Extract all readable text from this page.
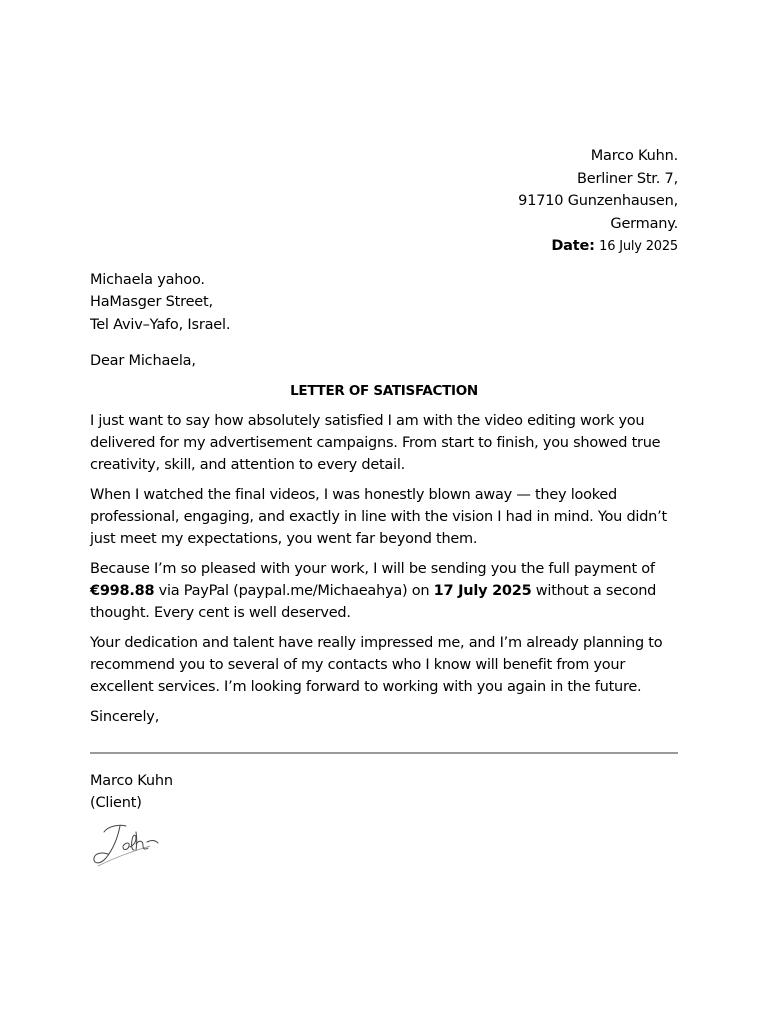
Marco Kuhn.
Berliner Str. 7,
91710 Gunzenhausen,
Germany.
Date: 16 July 2025
Michaela yahoo.
HaMasger Street,
Tel Aviv–Yafo, Israel.
Dear Michaela,
LETTER OF SATISFACTION
I just want to say how absolutely satisfied I am with the video editing work you delivered for my advertisement campaigns. From start to finish, you showed true creativity, skill, and attention to every detail.
When I watched the final videos, I was honestly blown away — they looked professional, engaging, and exactly in line with the vision I had in mind. You didn’t just meet my expectations, you went far beyond them.
Because I’m so pleased with your work, I will be sending you the full payment of €998.88 via PayPal (paypal.me/Michaeahya) on 17 July 2025 without a second thought. Every cent is well deserved.
Your dedication and talent have really impressed me, and I’m already planning to recommend you to several of my contacts who I know will benefit from your excellent services. I’m looking forward to working with you again in the future.
Sincerely,
Marco Kuhn
(Client)
